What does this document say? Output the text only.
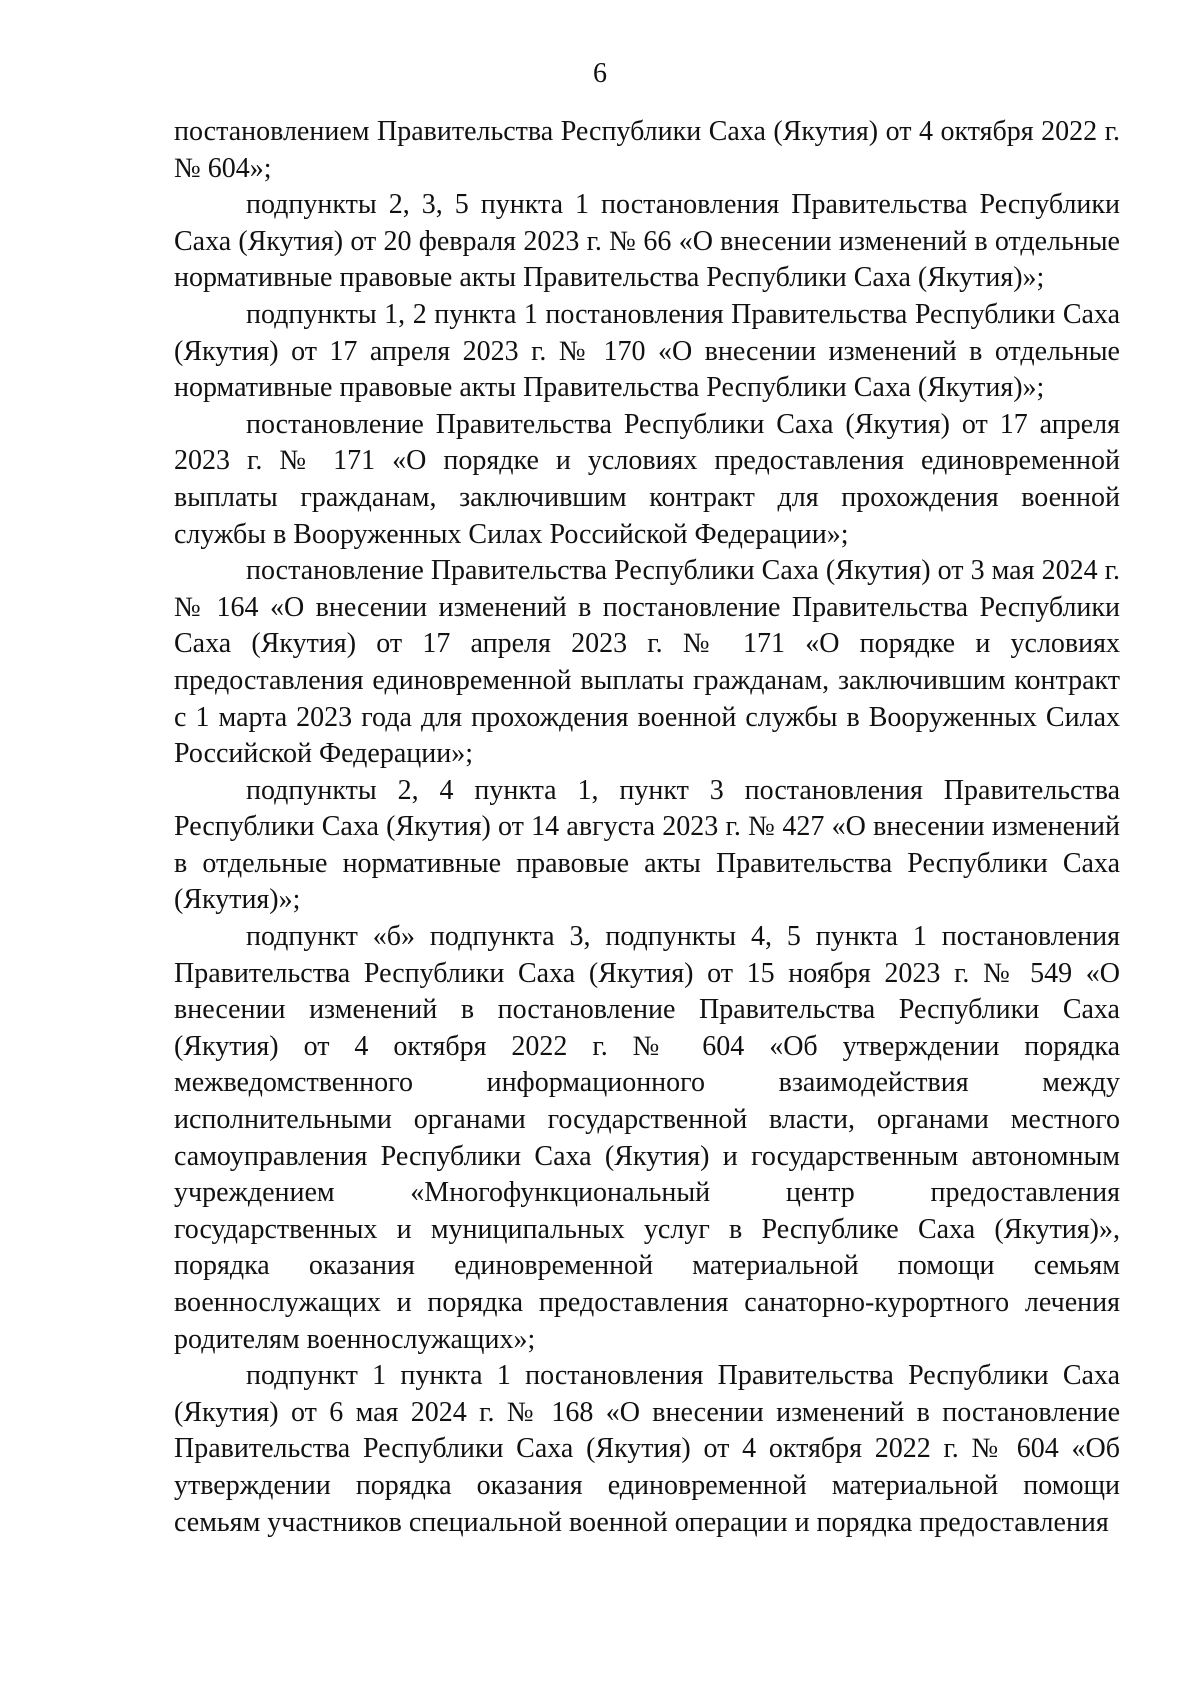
6

постановлением Правительства Республики Саха (Якутия) от 4 октября 2022 г. № 604»;

подпункты 2, 3, 5 пункта 1 постановления Правительства Республики Саха (Якутия) от 20 февраля 2023 г. № 66 «О внесении изменений в отдельные нормативные правовые акты Правительства Республики Саха (Якутия)»;

подпункты 1, 2 пункта 1 постановления Правительства Республики Саха (Якутия) от 17 апреля 2023 г. № 170 «О внесении изменений в отдельные нормативные правовые акты Правительства Республики Саха (Якутия)»;

постановление Правительства Республики Саха (Якутия) от 17 апреля 2023 г. № 171 «О порядке и условиях предоставления единовременной выплаты гражданам, заключившим контракт для прохождения военной службы в Вооруженных Силах Российской Федерации»;

постановление Правительства Республики Саха (Якутия) от 3 мая 2024 г. № 164 «О внесении изменений в постановление Правительства Республики Саха (Якутия) от 17 апреля 2023 г. № 171 «О порядке и условиях предоставления единовременной выплаты гражданам, заключившим контракт с 1 марта 2023 года для прохождения военной службы в Вооруженных Силах Российской Федерации»;

подпункты 2, 4 пункта 1, пункт 3 постановления Правительства Республики Саха (Якутия) от 14 августа 2023 г. № 427 «О внесении изменений в отдельные нормативные правовые акты Правительства Республики Саха (Якутия)»;

подпункт «б» подпункта 3, подпункты 4, 5 пункта 1 постановления Правительства Республики Саха (Якутия) от 15 ноября 2023 г. № 549 «О внесении изменений в постановление Правительства Республики Саха (Якутия) от 4 октября 2022 г. № 604 «Об утверждении порядка межведомственного информационного взаимодействия между исполнительными органами государственной власти, органами местного самоуправления Республики Саха (Якутия) и государственным автономным учреждением «Многофункциональный центр предоставления государственных и муниципальных услуг в Республике Саха (Якутия)», порядка оказания единовременной материальной помощи семьям военнослужащих и порядка предоставления санаторно-курортного лечения родителям военнослужащих»;

подпункт 1 пункта 1 постановления Правительства Республики Саха (Якутия) от 6 мая 2024 г. № 168 «О внесении изменений в постановление Правительства Республики Саха (Якутия) от 4 октября 2022 г. № 604 «Об утверждении порядка оказания единовременной материальной помощи семьям участников специальной военной операции и порядка предоставления
